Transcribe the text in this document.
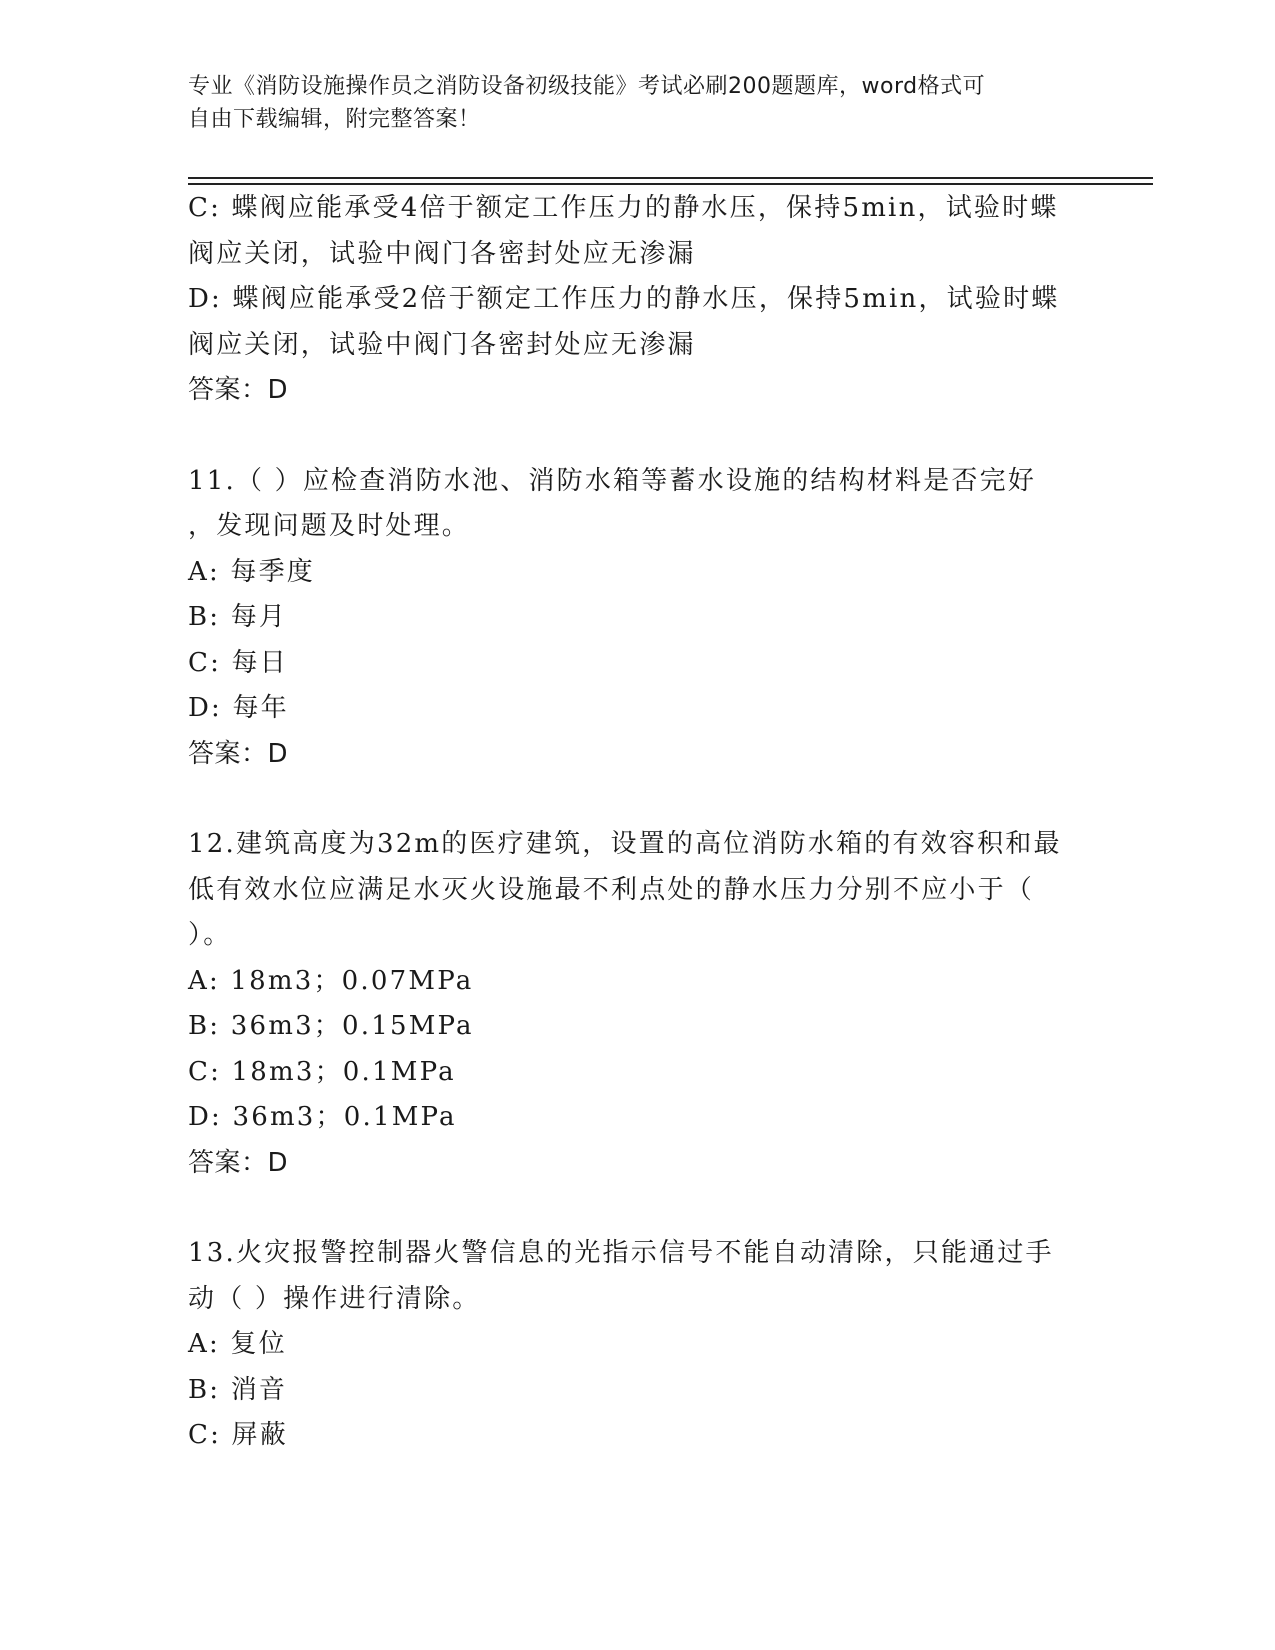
专业《消防设施操作员之消防设备初级技能》考试必刷200题题库，word格式可

自由下载编辑，附完整答案！

C: 蝶阀应能承受4倍于额定工作压力的静水压，保持5min，试验时蝶

阀应关闭，试验中阀门各密封处应无渗漏

D: 蝶阀应能承受2倍于额定工作压力的静水压，保持5min，试验时蝶

阀应关闭，试验中阀门各密封处应无渗漏

答案：D

11.（ ）应检查消防水池、消防水箱等蓄水设施的结构材料是否完好

，发现问题及时处理。

A: 每季度

B: 每月

C: 每日

D: 每年

答案：D

12.建筑高度为32m的医疗建筑，设置的高位消防水箱的有效容积和最

低有效水位应满足水灭火设施最不利点处的静水压力分别不应小于（

）。

A: 18m3；0.07MPa

B: 36m3；0.15MPa

C: 18m3；0.1MPa

D: 36m3；0.1MPa

答案：D

13.火灾报警控制器火警信息的光指示信号不能自动清除，只能通过手

动（ ）操作进行清除。

A: 复位

B: 消音

C: 屏蔽
